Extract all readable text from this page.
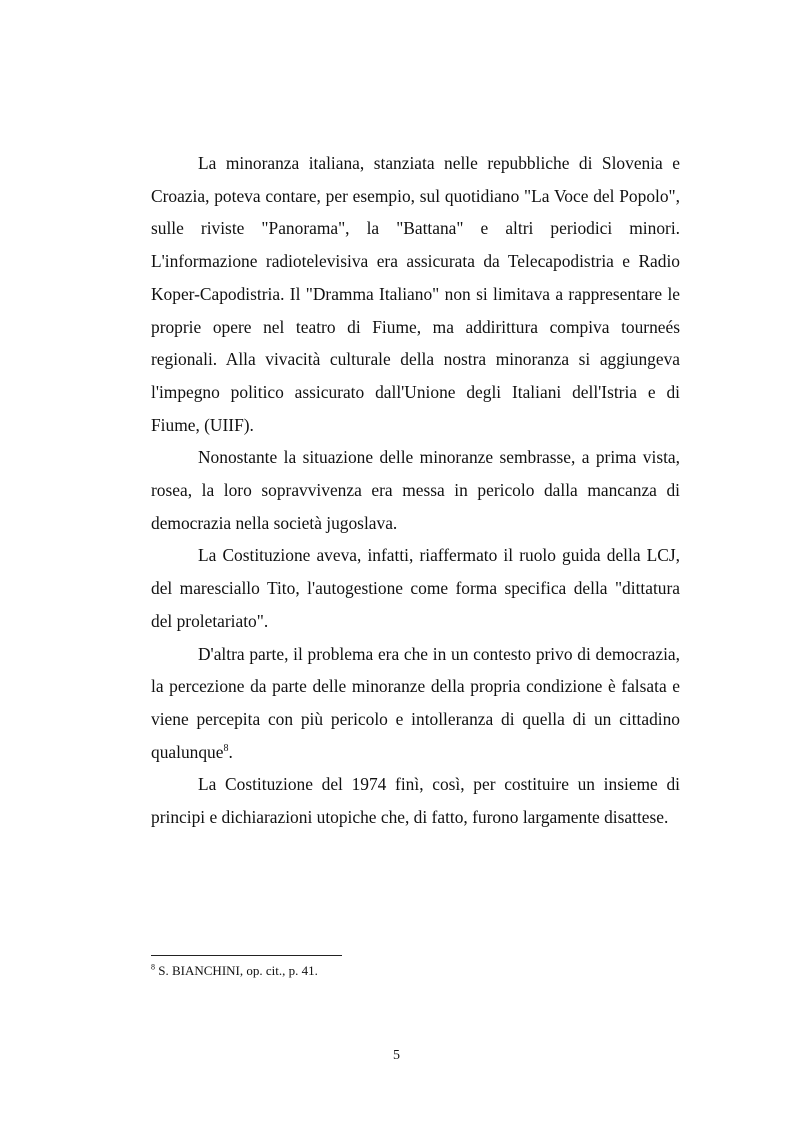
La minoranza italiana, stanziata nelle repubbliche di Slovenia e Croazia, poteva contare, per esempio, sul quotidiano "La Voce del Popolo", sulle riviste "Panorama", la "Battana" e altri periodici minori. L'informazione radiotelevisiva era assicurata da Telecapodistria e Radio Koper-Capodistria. Il "Dramma Italiano" non si limitava a rappresentare le proprie opere nel teatro di Fiume, ma addirittura compiva tourneés regionali. Alla vivacità culturale della nostra minoranza si aggiungeva l'impegno politico assicurato dall'Unione degli Italiani dell'Istria e di Fiume, (UIIF).

Nonostante la situazione delle minoranze sembrasse, a prima vista, rosea, la loro sopravvivenza era messa in pericolo dalla mancanza di democrazia nella società jugoslava.

La Costituzione aveva, infatti, riaffermato il ruolo guida della LCJ, del maresciallo Tito, l'autogestione come forma specifica della "dittatura del proletariato".

D'altra parte, il problema era che in un contesto privo di democrazia, la percezione da parte delle minoranze della propria condizione è falsata e viene percepita con più pericolo e intolleranza di quella di un cittadino qualunque$^8$.

La Costituzione del 1974 finì, così, per costituire un insieme di principi e dichiarazioni utopiche che, di fatto, furono largamente disattese.

$^8$ S. BIANCHINI, op. cit., p. 41.

5
